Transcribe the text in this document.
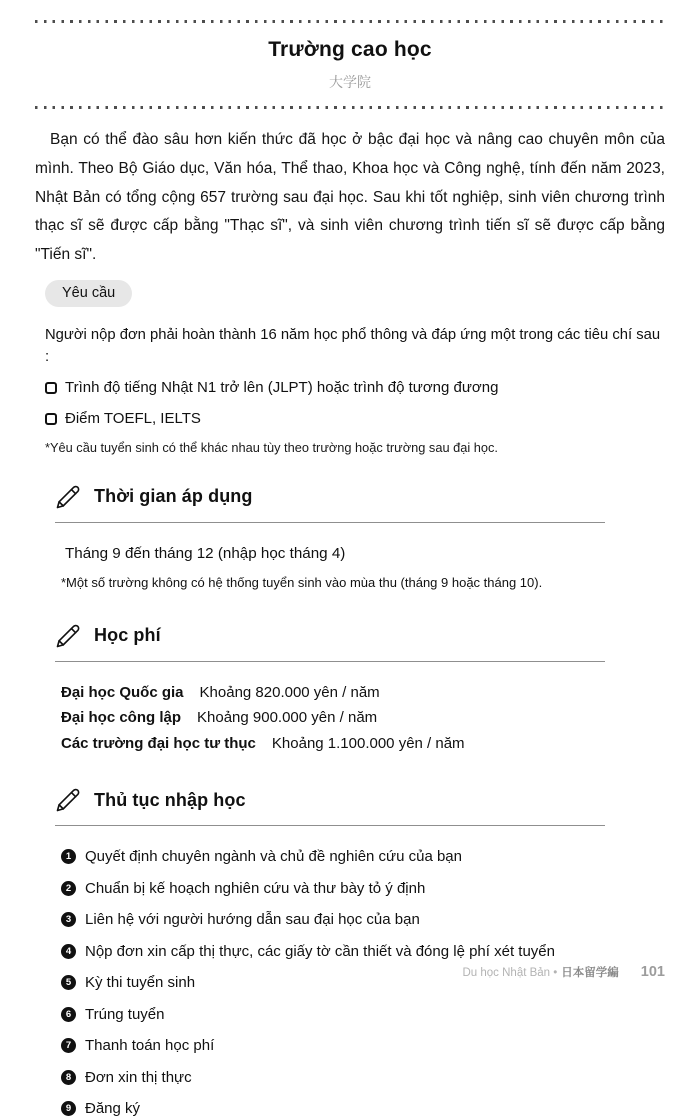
Trường cao học
大学院

Bạn có thể đào sâu hơn kiến thức đã học ở bậc đại học và nâng cao chuyên môn của mình. Theo Bộ Giáo dục, Văn hóa, Thể thao, Khoa học và Công nghệ, tính đến năm 2023, Nhật Bản có tổng cộng 657 trường sau đại học. Sau khi tốt nghiệp, sinh viên chương trình thạc sĩ sẽ được cấp bằng "Thạc sĩ", và sinh viên chương trình tiến sĩ sẽ được cấp bằng "Tiến sĩ".

Yêu cầu
Người nộp đơn phải hoàn thành 16 năm học phổ thông và đáp ứng một trong các tiêu chí sau :
Trình độ tiếng Nhật N1 trở lên (JLPT) hoặc trình độ tương đương
Điểm TOEFL, IELTS
*Yêu cầu tuyển sinh có thể khác nhau tùy theo trường hoặc trường sau đại học.
Thời gian áp dụng
Tháng 9 đến tháng 12 (nhập học tháng 4)
*Một số trường không có hệ thống tuyển sinh vào mùa thu (tháng 9 hoặc tháng 10).
Học phí
Đại học Quốc gia Khoảng 820.000 yên / năm
Đại học công lập Khoảng 900.000 yên / năm
Các trường đại học tư thục Khoảng 1.100.000 yên / năm
Thủ tục nhập học
1 Quyết định chuyên ngành và chủ đề nghiên cứu của bạn
2 Chuẩn bị kế hoạch nghiên cứu và thư bày tỏ ý định
3 Liên hệ với người hướng dẫn sau đại học của bạn
4 Nộp đơn xin cấp thị thực, các giấy tờ cần thiết và đóng lệ phí xét tuyển
5 Kỳ thi tuyển sinh
6 Trúng tuyển
7 Thanh toán học phí
8 Đơn xin thị thực
9 Đăng ký
Du học Nhật Bản • 日本留学編 101
